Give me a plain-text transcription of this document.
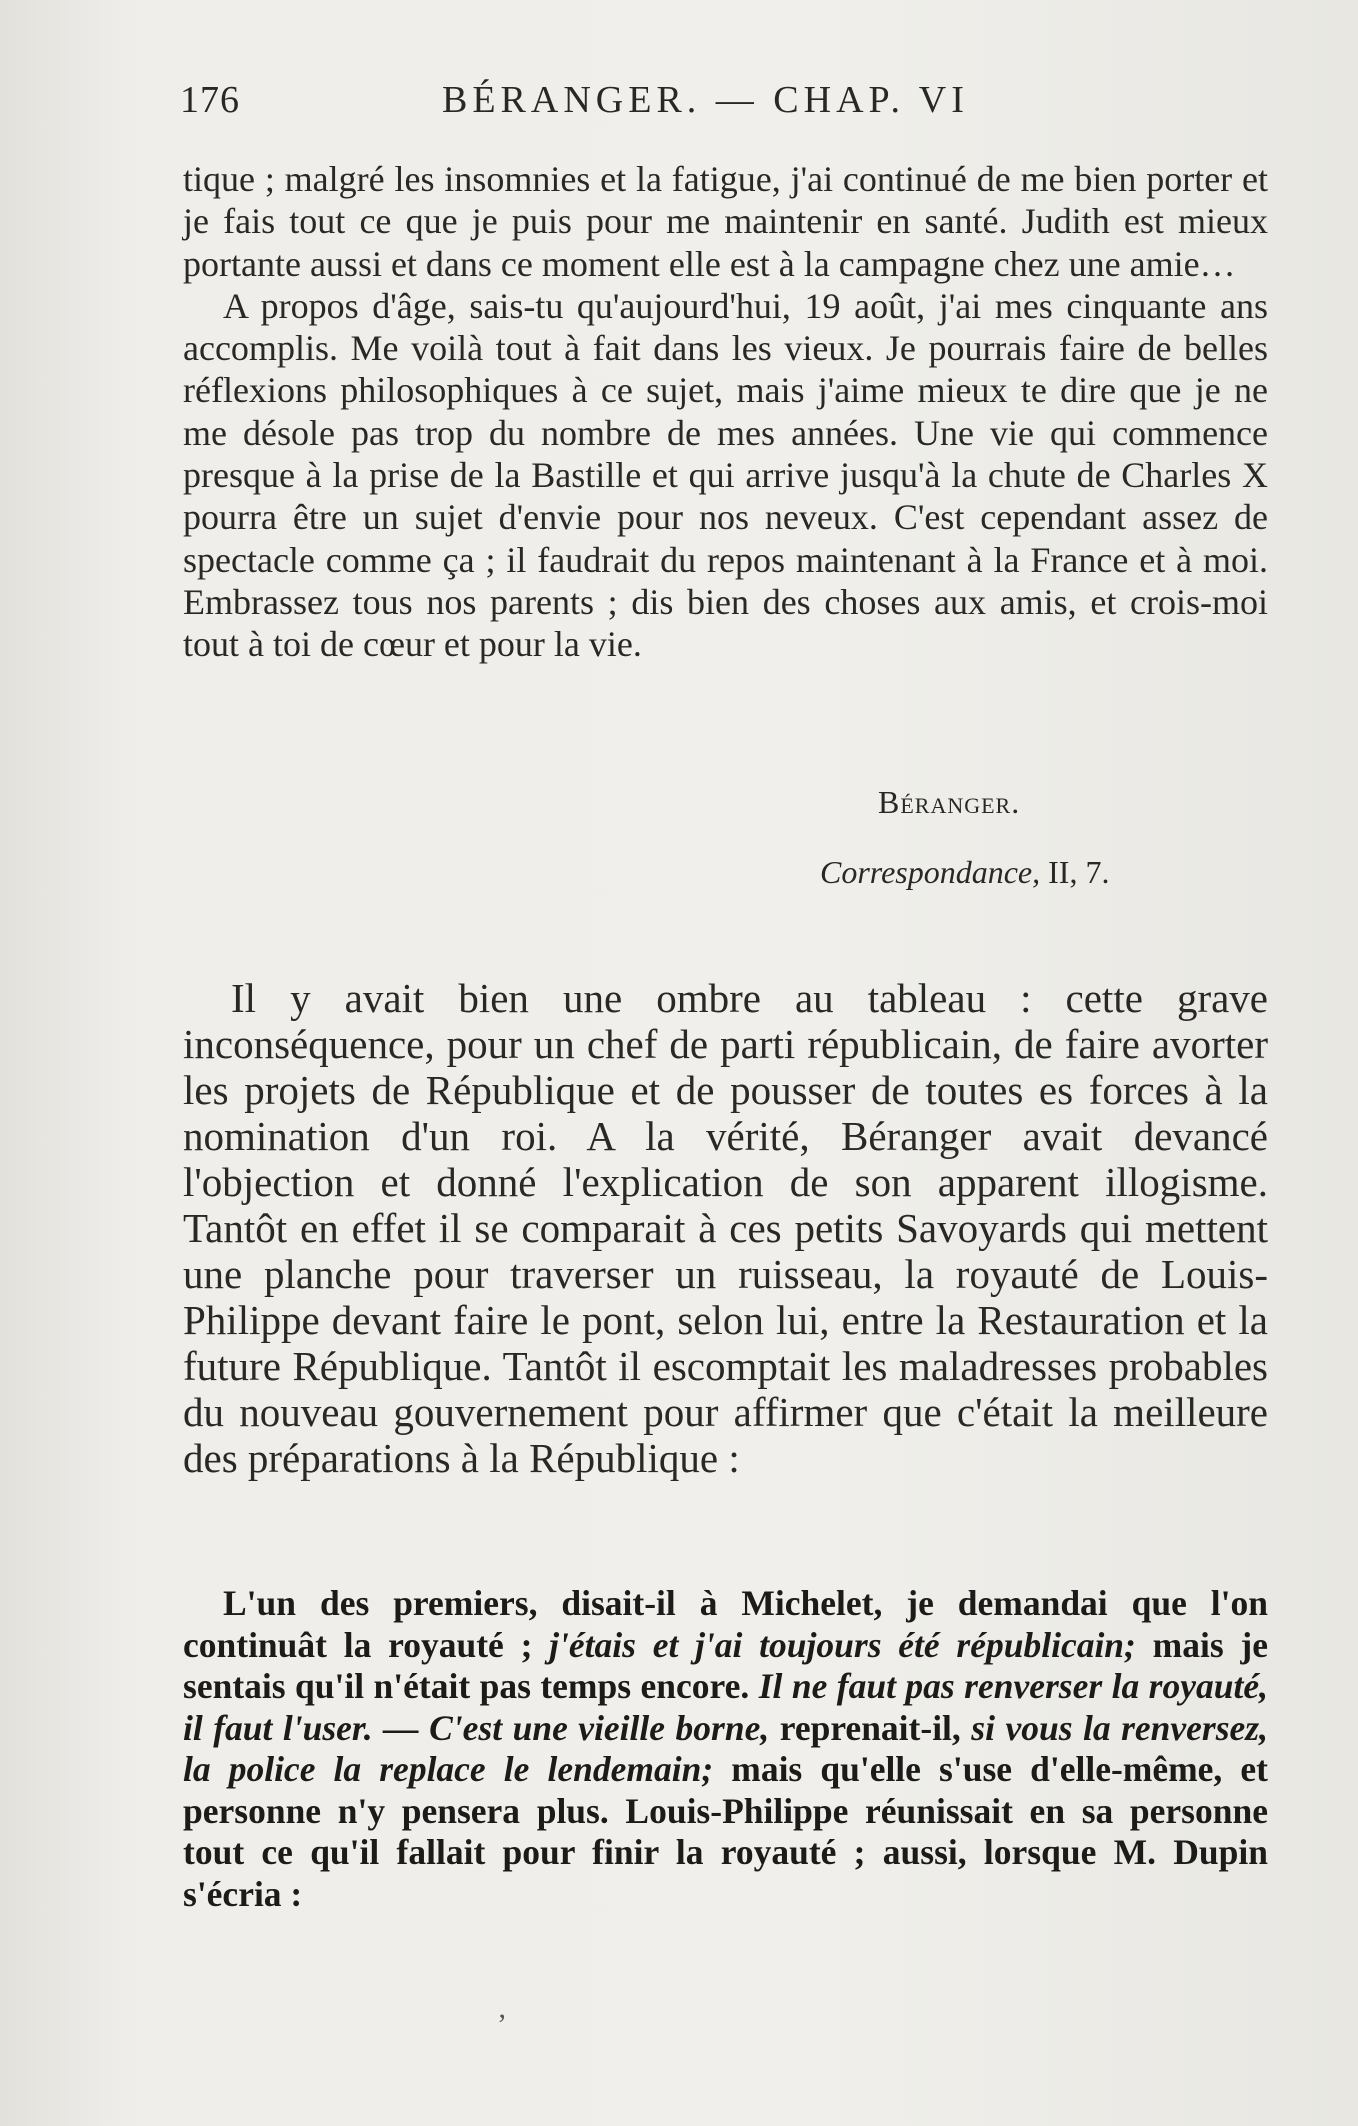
176	BÉRANGER. — CHAP. VI

tique ; malgré les insomnies et la fatigue, j'ai continué de me bien porter et je fais tout ce que je puis pour me maintenir en santé. Judith est mieux portante aussi et dans ce moment elle est à la campagne chez une amie…

A propos d'âge, sais-tu qu'aujourd'hui, 19 août, j'ai mes cinquante ans accomplis. Me voilà tout à fait dans les vieux. Je pourrais faire de belles réflexions philosophiques à ce sujet, mais j'aime mieux te dire que je ne me désole pas trop du nombre de mes années. Une vie qui commence presque à la prise de la Bastille et qui arrive jusqu'à la chute de Charles X pourra être un sujet d'envie pour nos neveux. C'est cependant assez de spectacle comme ça ; il faudrait du repos maintenant à la France et à moi. Embrassez tous nos parents ; dis bien des choses aux amis, et crois-moi tout à toi de cœur et pour la vie.

Béranger.
Correspondance, II, 7.

Il y avait bien une ombre au tableau : cette grave inconséquence, pour un chef de parti républicain, de faire avorter les projets de République et de pousser de toutes es forces à la nomination d'un roi. A la vérité, Béranger avait devancé l'objection et donné l'explication de son apparent illogisme. Tantôt en effet il se comparait à ces petits Savoyards qui mettent une planche pour traverser un ruisseau, la royauté de Louis-Philippe devant faire le pont, selon lui, entre la Restauration et la future République. Tantôt il escomptait les maladresses probables du nouveau gouvernement pour affirmer que c'était la meilleure des préparations à la République :

L'un des premiers, disait-il à Michelet, je demandai que l'on continuât la royauté ; j'étais et j'ai toujours été républicain; mais je sentais qu'il n'était pas temps encore. Il ne faut pas renverser la royauté, il faut l'user. — C'est une vieille borne, reprenait-il, si vous la renversez, la police la replace le lendemain; mais qu'elle s'use d'elle-même, et personne n'y pensera plus. Louis-Philippe réunissait en sa personne tout ce qu'il fallait pour finir la royauté ; aussi, lorsque M. Dupin s'écria :

’
